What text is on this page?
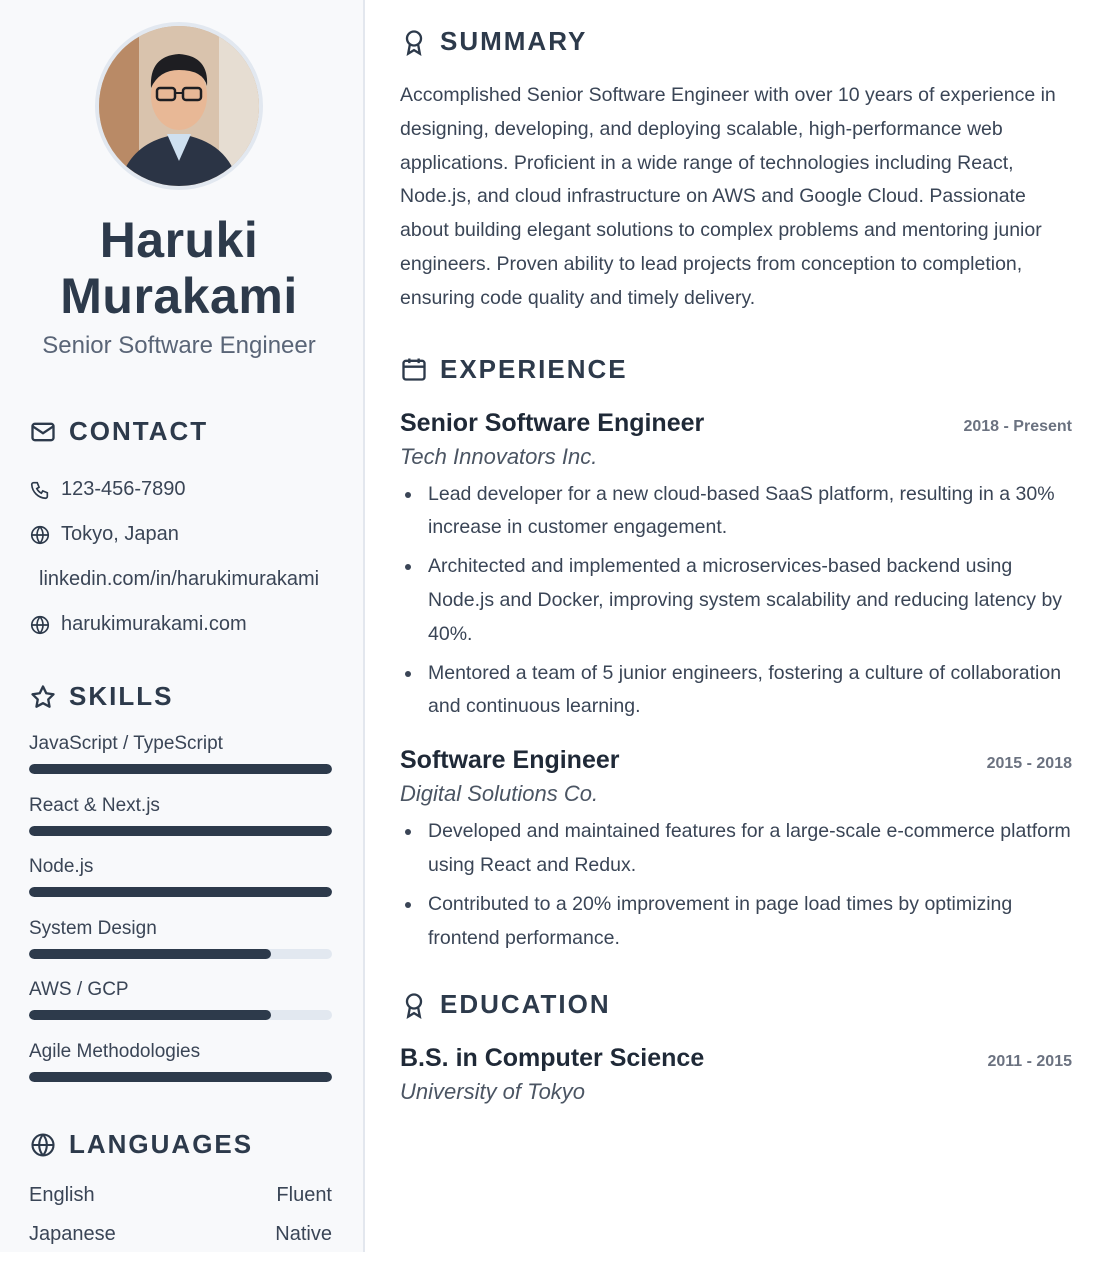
Haruki Murakami
Senior Software Engineer
CONTACT
123-456-7890
Tokyo, Japan
linkedin.com/in/harukimurakami
harukimurakami.com
SKILLS
JavaScript / TypeScript
React & Next.js
Node.js
System Design
AWS / GCP
Agile Methodologies
LANGUAGES
English	Fluent
Japanese	Native
SUMMARY
Accomplished Senior Software Engineer with over 10 years of experience in designing, developing, and deploying scalable, high-performance web applications. Proficient in a wide range of technologies including React, Node.js, and cloud infrastructure on AWS and Google Cloud. Passionate about building elegant solutions to complex problems and mentoring junior engineers. Proven ability to lead projects from conception to completion, ensuring code quality and timely delivery.
EXPERIENCE
Senior Software Engineer	2018 - Present
Tech Innovators Inc.
Lead developer for a new cloud-based SaaS platform, resulting in a 30% increase in customer engagement.
Architected and implemented a microservices-based backend using Node.js and Docker, improving system scalability and reducing latency by 40%.
Mentored a team of 5 junior engineers, fostering a culture of collaboration and continuous learning.
Software Engineer	2015 - 2018
Digital Solutions Co.
Developed and maintained features for a large-scale e-commerce platform using React and Redux.
Contributed to a 20% improvement in page load times by optimizing frontend performance.
EDUCATION
B.S. in Computer Science	2011 - 2015
University of Tokyo
